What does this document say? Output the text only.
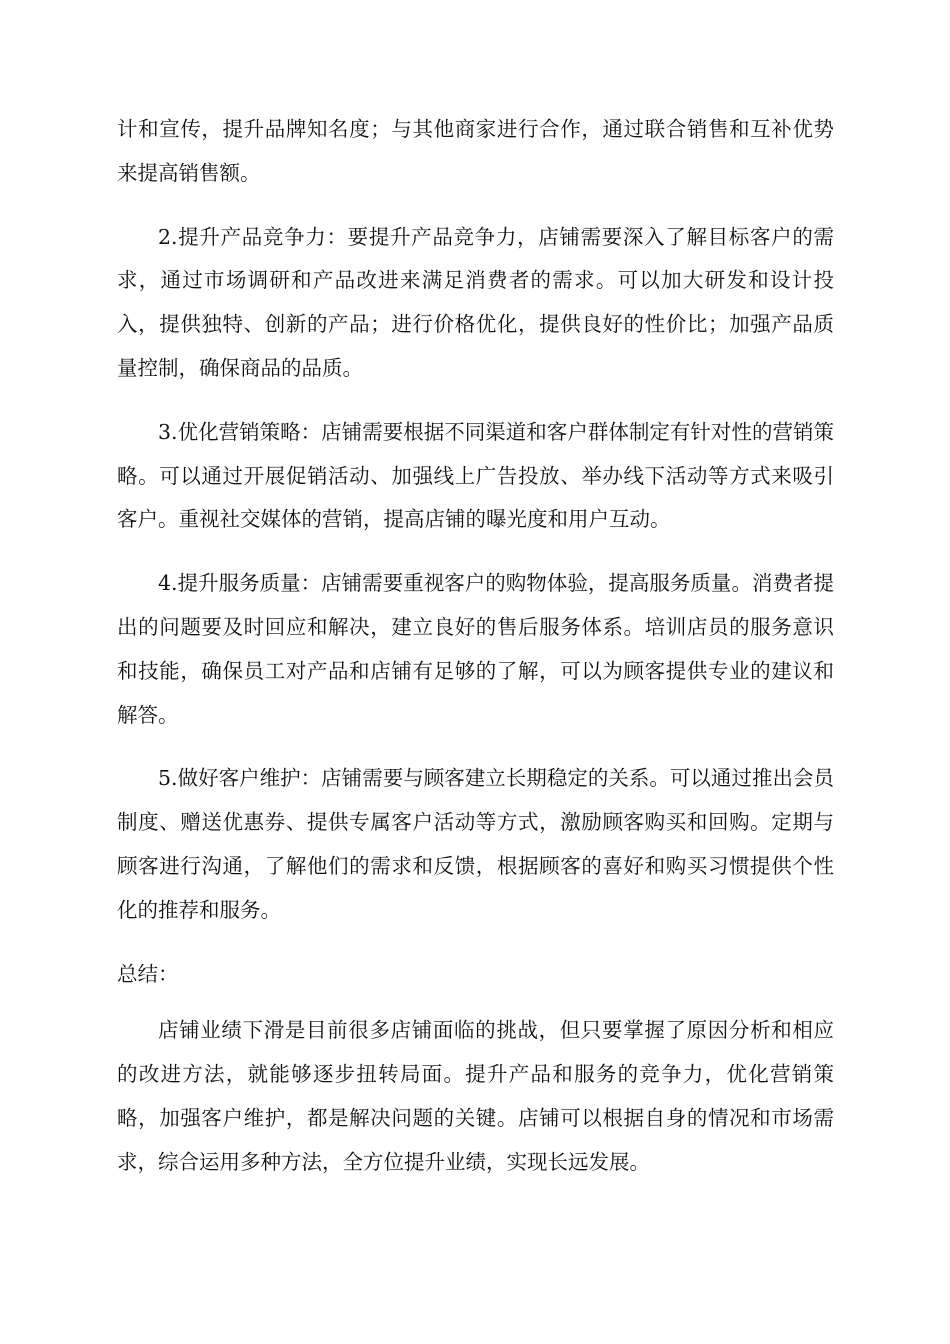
计和宣传，提升品牌知名度；与其他商家进行合作，通过联合销售和互补优势来提高销售额。

2.提升产品竞争力：要提升产品竞争力，店铺需要深入了解目标客户的需求，通过市场调研和产品改进来满足消费者的需求。可以加大研发和设计投入，提供独特、创新的产品；进行价格优化，提供良好的性价比；加强产品质量控制，确保商品的品质。

3.优化营销策略：店铺需要根据不同渠道和客户群体制定有针对性的营销策略。可以通过开展促销活动、加强线上广告投放、举办线下活动等方式来吸引客户。重视社交媒体的营销，提高店铺的曝光度和用户互动。

4.提升服务质量：店铺需要重视客户的购物体验，提高服务质量。消费者提出的问题要及时回应和解决，建立良好的售后服务体系。培训店员的服务意识和技能，确保员工对产品和店铺有足够的了解，可以为顾客提供专业的建议和解答。

5.做好客户维护：店铺需要与顾客建立长期稳定的关系。可以通过推出会员制度、赠送优惠券、提供专属客户活动等方式，激励顾客购买和回购。定期与顾客进行沟通，了解他们的需求和反馈，根据顾客的喜好和购买习惯提供个性化的推荐和服务。

总结：

店铺业绩下滑是目前很多店铺面临的挑战，但只要掌握了原因分析和相应的改进方法，就能够逐步扭转局面。提升产品和服务的竞争力，优化营销策略，加强客户维护，都是解决问题的关键。店铺可以根据自身的情况和市场需求，综合运用多种方法，全方位提升业绩，实现长远发展。
